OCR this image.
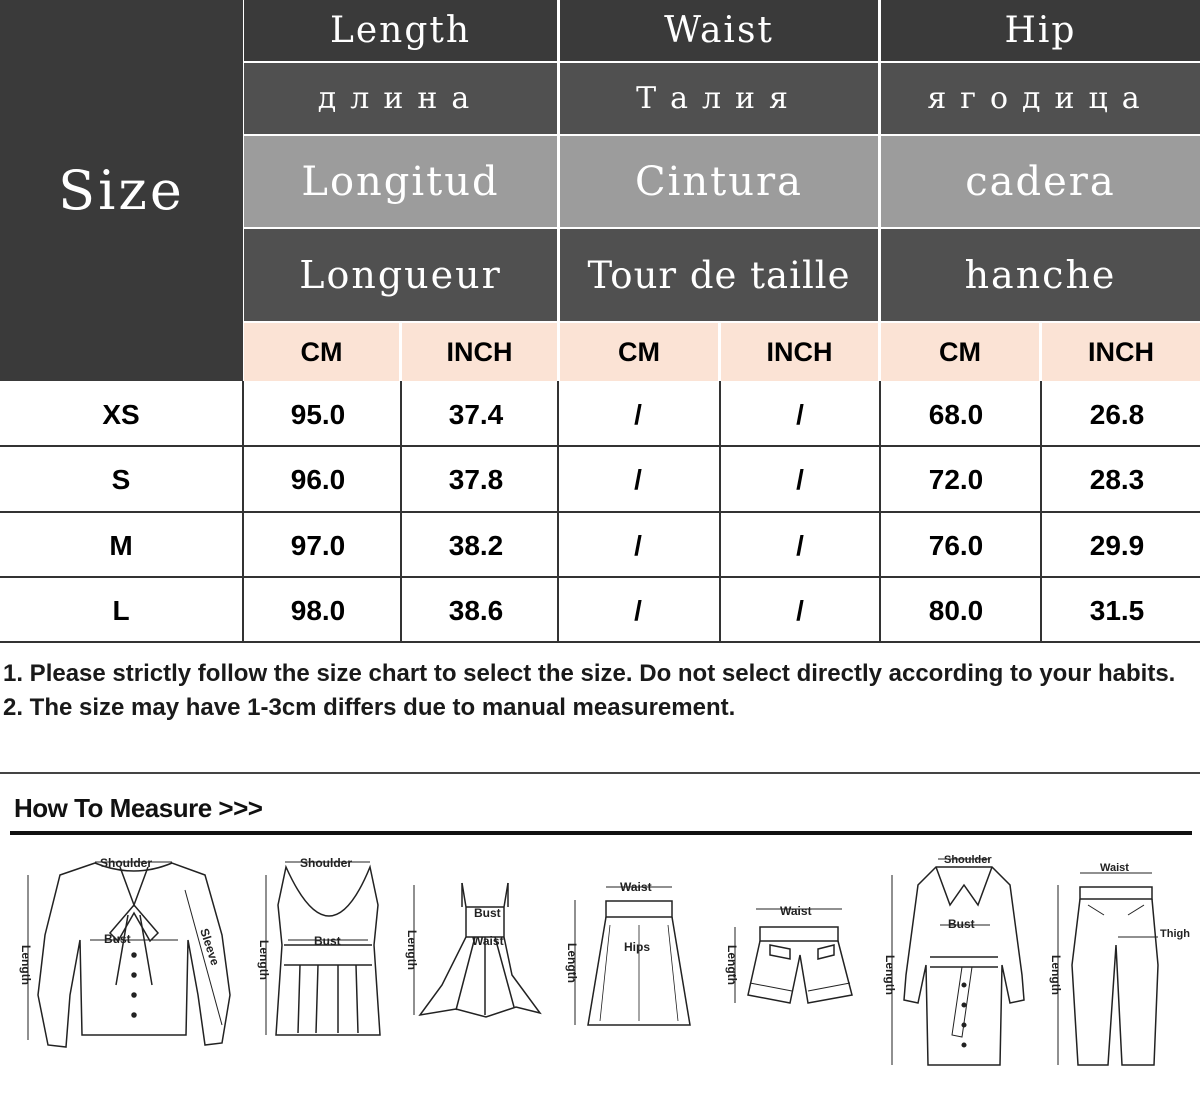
Size
Length	Waist	Hip
длина	Талия	ягодица
Longitud	Cintura	cadera
Longueur	Tour de taille	hanche
CM	INCH	CM	INCH	CM	INCH
XS	95.0	37.4	/	/	68.0	26.8
S	96.0	37.8	/	/	72.0	28.3
M	97.0	38.2	/	/	76.0	29.9
L	98.0	38.6	/	/	80.0	31.5

1. Please strictly follow the size chart to select the size. Do not select directly according to your habits.

2. The size may have 1-3cm differs due to manual measurement.

How To Measure >>>
Shoulder
Bust
Length	Sleeve
Shoulder
Bust
Length
Bust
Waist
Length
Waist
Hips
Length
Waist
Length
Shoulder
Bust
Length
Waist
Thigh
Length
